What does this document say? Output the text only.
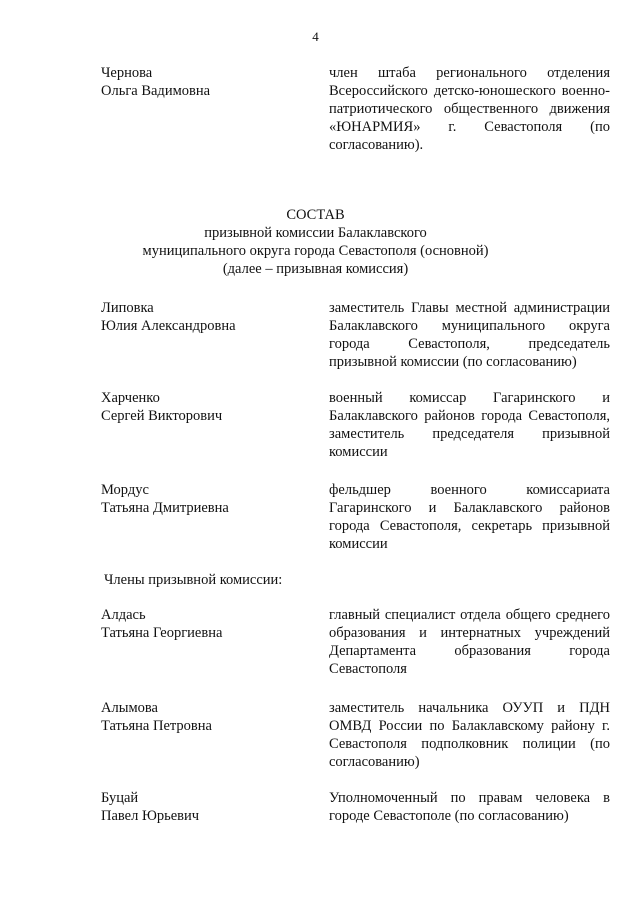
4
Чернова
Ольга Вадимовна
член штаба регионального отделения Всероссийского детско-юношеского военно-патриотического общественного движения «ЮНАРМИЯ» г. Севастополя (по согласованию).
СОСТАВ
призывной комиссии Балаклавского
муниципального округа города Севастополя (основной)
(далее – призывная комиссия)
Липовка
Юлия Александровна
заместитель Главы местной администрации Балаклавского муниципального округа города Севастополя, председатель призывной комиссии (по согласованию)
Харченко
Сергей Викторович
военный комиссар Гагаринского и Балаклавского районов города Севастополя, заместитель председателя призывной комиссии
Мордус
Татьяна Дмитриевна
фельдшер военного комиссариата Гагаринского и Балаклавского районов города Севастополя, секретарь призывной комиссии
Члены призывной комиссии:
Алдась
Татьяна Георгиевна
главный специалист отдела общего среднего образования и интернатных учреждений Департамента образования города Севастополя
Алымова
Татьяна Петровна
заместитель начальника ОУУП и ПДН ОМВД России по Балаклавскому району г. Севастополя подполковник полиции (по согласованию)
Буцай
Павел Юрьевич
Уполномоченный по правам человека в городе Севастополе (по согласованию)
